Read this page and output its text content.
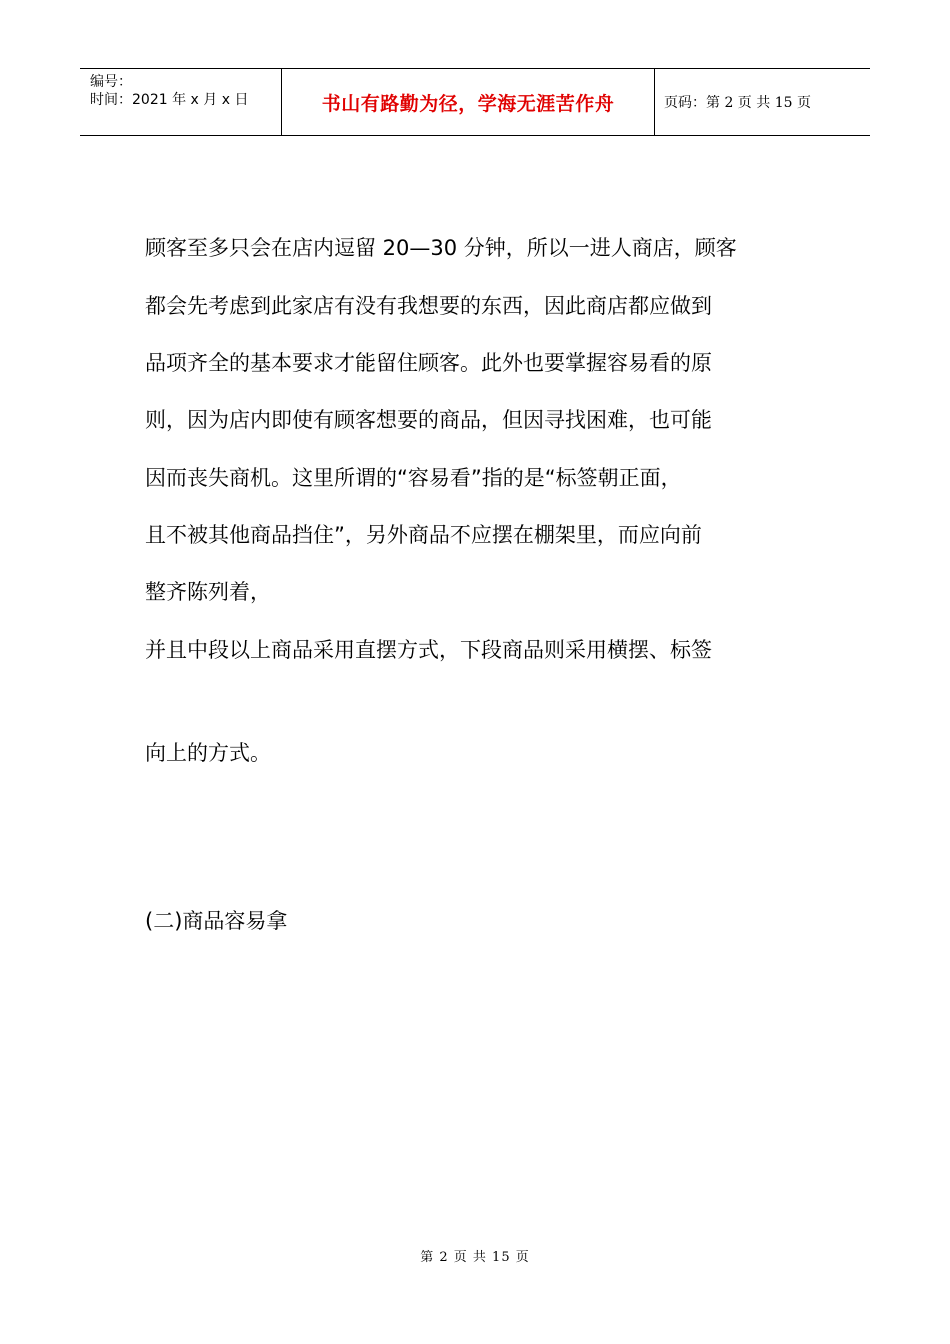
编号：
时间：2021 年 x 月 x 日	书山有路勤为径，学海无涯苦作舟	页码：第 2 页 共 15 页
顾客至多只会在店内逗留 20—30 分钟，所以一进人商店，顾客
都会先考虑到此家店有没有我想要的东西，因此商店都应做到
品项齐全的基本要求才能留住顾客。此外也要掌握容易看的原
则，因为店内即使有顾客想要的商品，但因寻找困难，也可能
因而丧失商机。这里所谓的“容易看”指的是“标签朝正面，
且不被其他商品挡住”，另外商品不应摆在棚架里，而应向前
整齐陈列着，
并且中段以上商品采用直摆方式，下段商品则采用横摆、标签
向上的方式。
(二)商品容易拿
第 2 页 共 15 页
